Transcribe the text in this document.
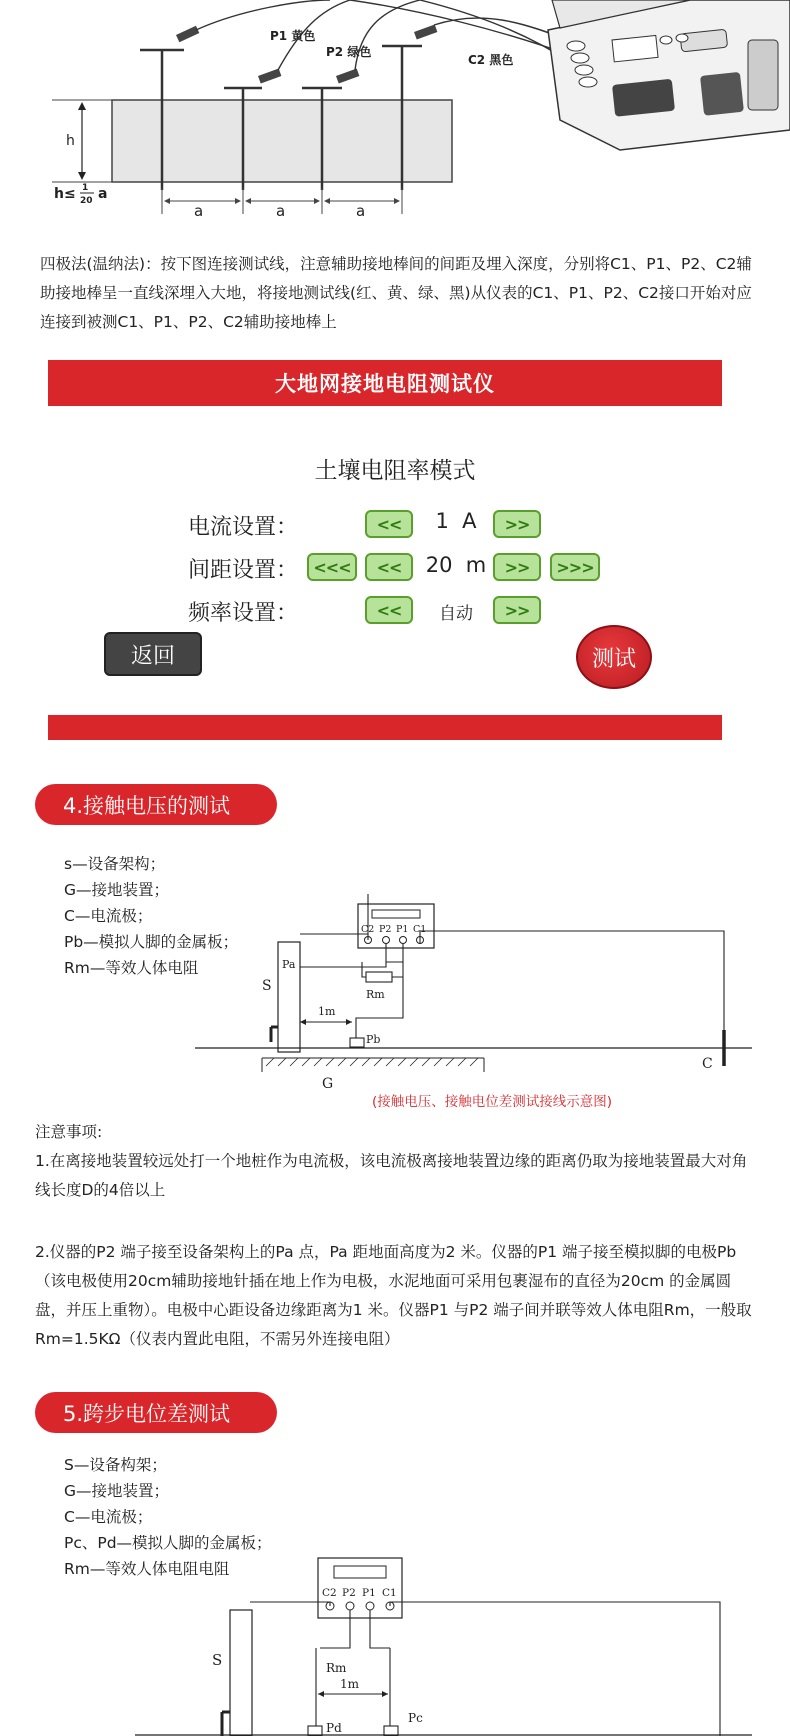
h
h≤ 1
20 a
P1 黄色
P2 绿色
C2 黑色
a	a	a
四极法(温纳法)：按下图连接测试线，注意辅助接地棒间的间距及埋入深度，分别将C1、P1、P2、C2辅助接地棒呈一直线深埋入大地，将接地测试线(红、黄、绿、黑)从仪表的C1、P1、P2、C2接口开始对应连接到被测C1、P1、P2、C2辅助接地棒上
大地网接地电阻测试仪
土壤电阻率模式
电流设置：	<<	1  A	>>
间距设置： <<<	<<	20  m	>>	>>>
频率设置：	<<	自动	>>
返回	测试
4.接触电压的测试
s—设备架构；
G—接地装置；
C—电流极；
Pb—模拟人脚的金属板；
Rm—等效人体电阻
C2 P2 P1 C1
S
Pa
Rm
1m
Pb
G
C
(接触电压、接触电位差测试接线示意图)
注意事项:
1.在离接地装置较远处打一个地桩作为电流极，该电流极离接地装置边缘的距离仍取为接地装置最大对角线长度D的4倍以上
2.仪器的P2 端子接至设备架构上的Pa 点，Pa 距地面高度为2 米。仪器的P1 端子接至模拟脚的电极Pb（该电极使用20cm辅助接地针插在地上作为电极，水泥地面可采用包裹湿布的直径为20cm 的金属圆盘，并压上重物）。电极中心距设备边缘距离为1 米。仪器P1 与P2 端子间并联等效人体电阻Rm，一般取Rm=1.5KΩ（仪表内置此电阻，不需另外连接电阻）
5.跨步电位差测试
S—设备构架；
G—接地装置；
C—电流极；
Pc、Pd—模拟人脚的金属板；
Rm—等效人体电阻电阻
C2 P2 P1 C1
S	Rm
1m
Pd
Pc
